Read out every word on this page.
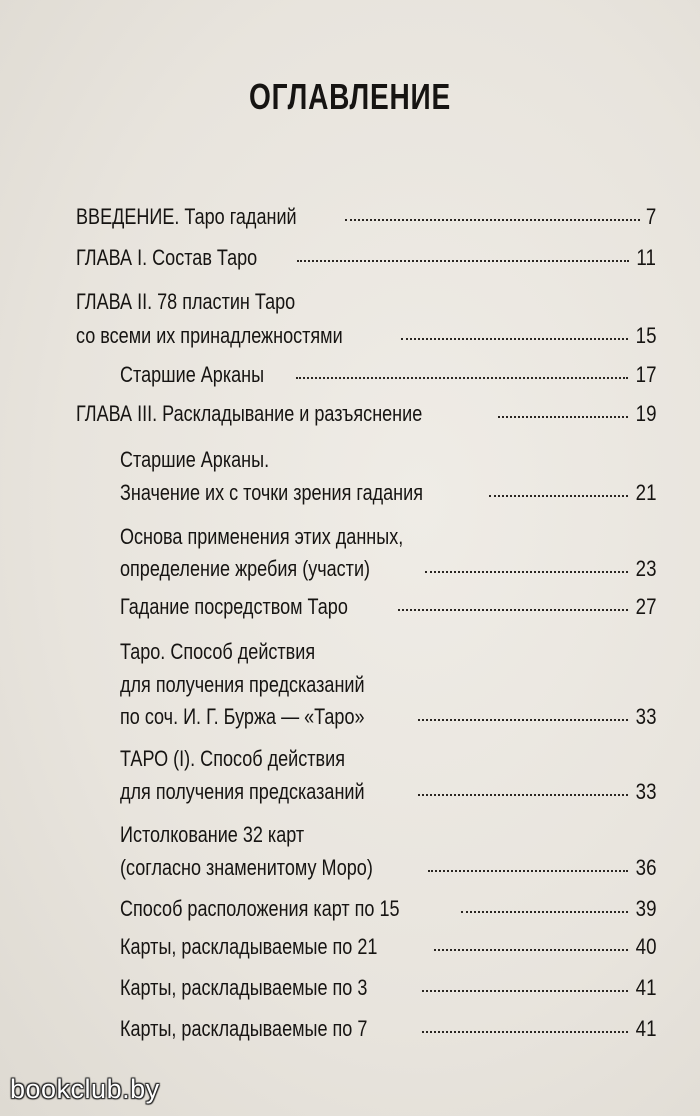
ОГЛАВЛЕНИЕ
ВВЕДЕНИЕ. Таро гаданий	7
ГЛАВА I. Состав Таро	11
ГЛАВА II. 78 пластин Таро
со всеми их принадлежностями	15
Старшие Арканы	17
ГЛАВА III. Раскладывание и разъяснение	19
Старшие Арканы.
Значение их с точки зрения гадания	21
Основа применения этих данных,
определение жребия (участи)	23
Гадание посредством Таро	27
Таро. Способ действия
для получения предсказаний
по соч. И. Г. Буржа — «Таро»	33
ТАРО (I). Способ действия
для получения предсказаний	33
Истолкование 32 карт
(согласно знаменитому Моро)	36
Способ расположения карт по 15	39
Карты, раскладываемые по 21	40
Карты, раскладываемые по 3	41
Карты, раскладываемые по 7	41
bookclub.by
